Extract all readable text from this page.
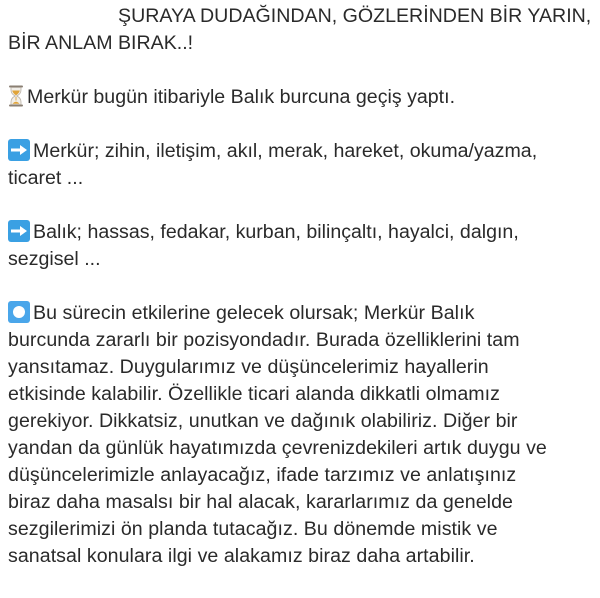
ŞURAYA DUDAĞINDAN, GÖZLERİNDEN BİR YARIN,
BİR ANLAM BIRAK..!
Merkür bugün itibariyle Balık burcuna geçiş yaptı.
Merkür; zihin, iletişim, akıl, merak, hareket, okuma/yazma,
ticaret ...
Balık; hassas, fedakar, kurban, bilinçaltı, hayalci, dalgın,
sezgisel ...
Bu sürecin etkilerine gelecek olursak; Merkür Balık
burcunda zararlı bir pozisyondadır. Burada özelliklerini tam
yansıtamaz. Duygularımız ve düşüncelerimiz hayallerin
etkisinde kalabilir. Özellikle ticari alanda dikkatli olmamız
gerekiyor. Dikkatsiz, unutkan ve dağınık olabiliriz. Diğer bir
yandan da günlük hayatımızda çevrenizdekileri artık duygu ve
düşüncelerimizle anlayacağız, ifade tarzımız ve anlatışınız
biraz daha masalsı bir hal alacak, kararlarımız da genelde
sezgilerimizi ön planda tutacağız. Bu dönemde mistik ve
sanatsal konulara ilgi ve alakamız biraz daha artabilir.
